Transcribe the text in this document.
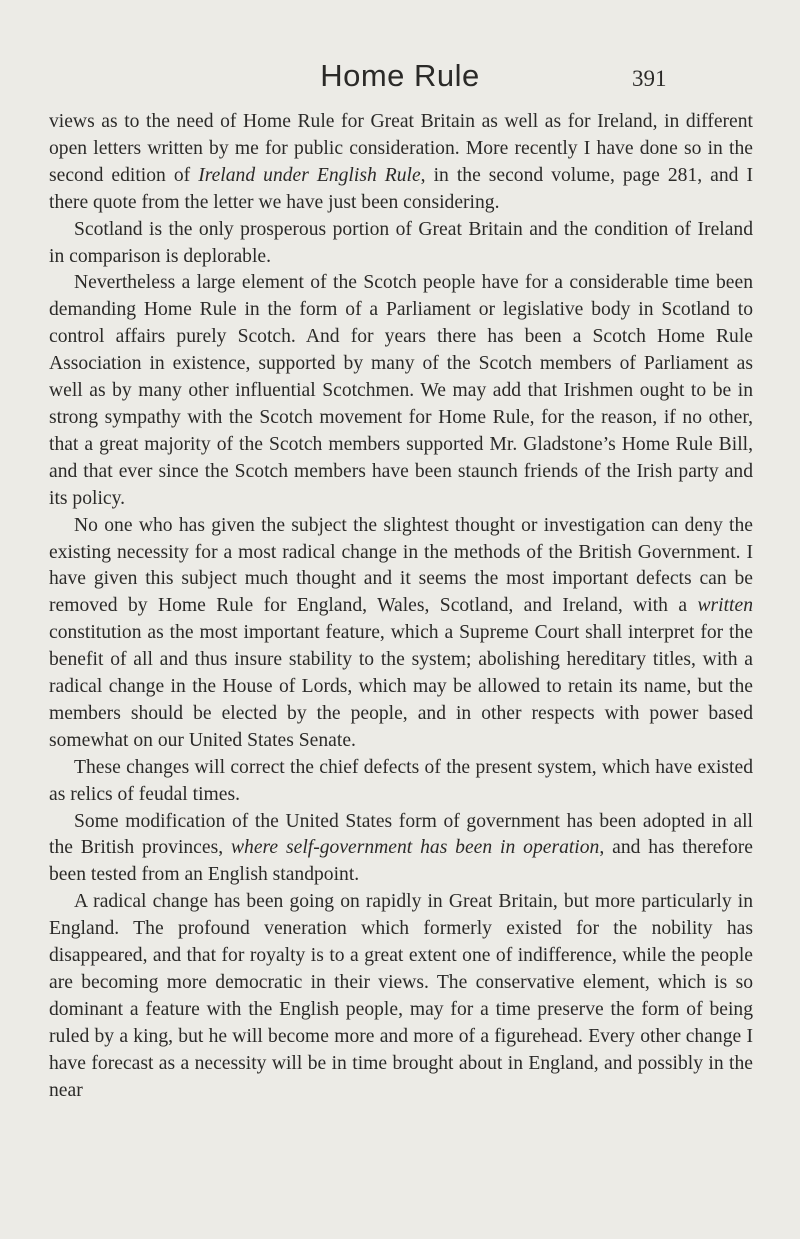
Home Rule	391

views as to the need of Home Rule for Great Britain as well as for Ireland, in different open letters written by me for public consideration. More recently I have done so in the second edition of Ireland under English Rule, in the second volume, page 281, and I there quote from the letter we have just been considering.

Scotland is the only prosperous portion of Great Britain and the condition of Ireland in comparison is deplorable.

Nevertheless a large element of the Scotch people have for a considerable time been demanding Home Rule in the form of a Parliament or legislative body in Scotland to control affairs purely Scotch. And for years there has been a Scotch Home Rule Association in existence, supported by many of the Scotch members of Parliament as well as by many other influential Scotchmen. We may add that Irishmen ought to be in strong sympathy with the Scotch movement for Home Rule, for the reason, if no other, that a great majority of the Scotch members supported Mr. Gladstone’s Home Rule Bill, and that ever since the Scotch members have been staunch friends of the Irish party and its policy.

No one who has given the subject the slightest thought or investigation can deny the existing necessity for a most radical change in the methods of the British Government. I have given this subject much thought and it seems the most important defects can be removed by Home Rule for England, Wales, Scotland, and Ireland, with a written constitution as the most important feature, which a Supreme Court shall interpret for the benefit of all and thus insure stability to the system; abolishing hereditary titles, with a radical change in the House of Lords, which may be allowed to retain its name, but the members should be elected by the people, and in other respects with power based somewhat on our United States Senate.

These changes will correct the chief defects of the present system, which have existed as relics of feudal times.

Some modification of the United States form of government has been adopted in all the British provinces, where self-government has been in operation, and has therefore been tested from an English standpoint.

A radical change has been going on rapidly in Great Britain, but more particularly in England. The profound veneration which formerly existed for the nobility has disappeared, and that for royalty is to a great extent one of indifference, while the people are becoming more democratic in their views. The conservative element, which is so dominant a feature with the English people, may for a time preserve the form of being ruled by a king, but he will become more and more of a figurehead. Every other change I have forecast as a necessity will be in time brought about in England, and possibly in the near
